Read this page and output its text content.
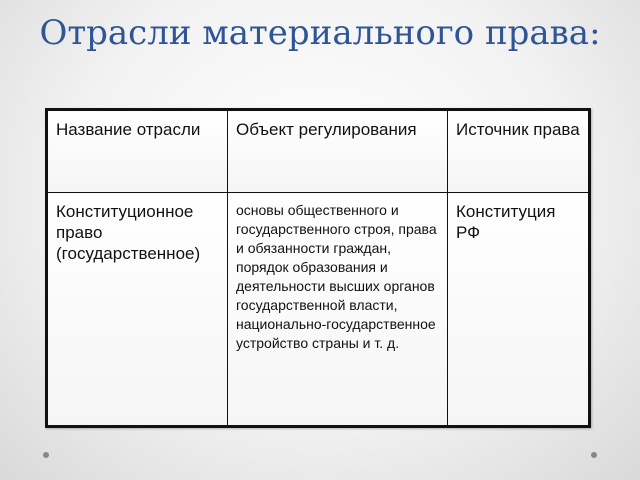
Отрасли материального права:
Название отрасли	Объект регулирования	Источник права
Конституционное право (государственное)	основы общественного и государственного строя, права и обязанности граждан, порядок образования и деятельности высших органов государственной власти, национально-государственное устройство страны и т. д.	Конституция РФ
